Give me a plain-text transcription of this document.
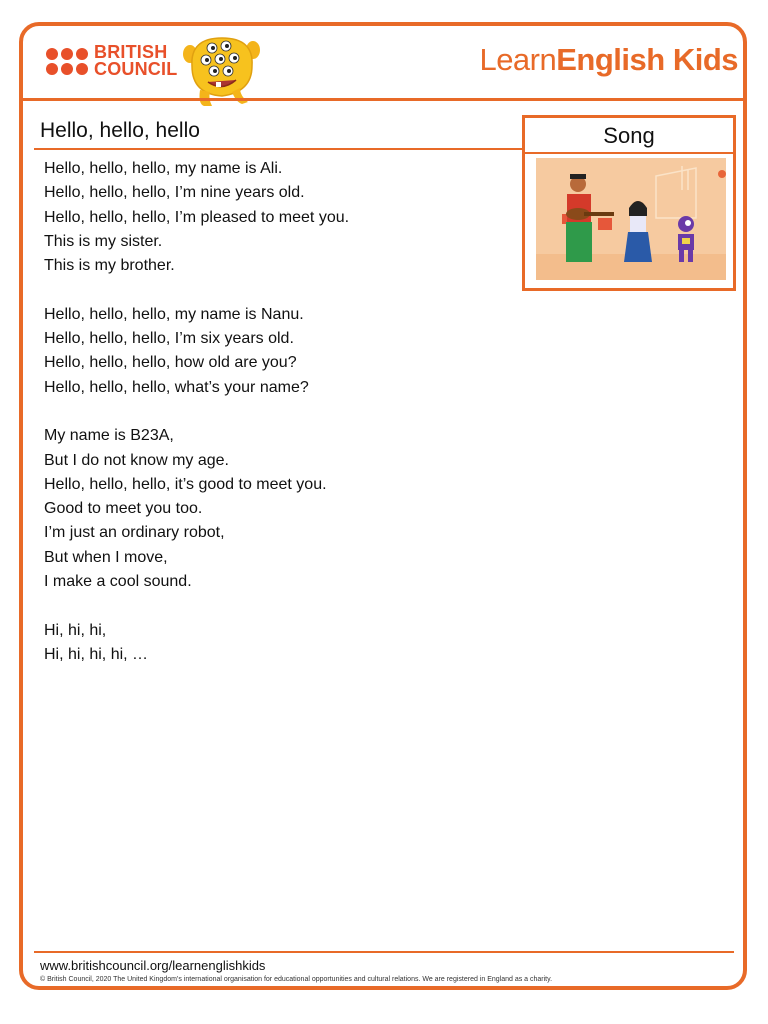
BRITISH
COUNCIL	LearnEnglish Kids
Hello, hello, hello	Song
Hello, hello, hello, my name is Ali.
Hello, hello, hello, I’m nine years old.
Hello, hello, hello, I’m pleased to meet you.
This is my sister.
This is my brother.
Hello, hello, hello, my name is Nanu.
Hello, hello, hello, I’m six years old.
Hello, hello, hello, how old are you?
Hello, hello, hello, what’s your name?
My name is B23A,
But I do not know my age.
Hello, hello, hello, it’s good to meet you.
Good to meet you too.
I’m just an ordinary robot,
But when I move,
I make a cool sound.
Hi, hi, hi,
Hi, hi, hi, hi, …
www.britishcouncil.org/learnenglishkids
© British Council, 2020 The United Kingdom’s international organisation for educational opportunities and cultural relations. We are registered in England as a charity.
